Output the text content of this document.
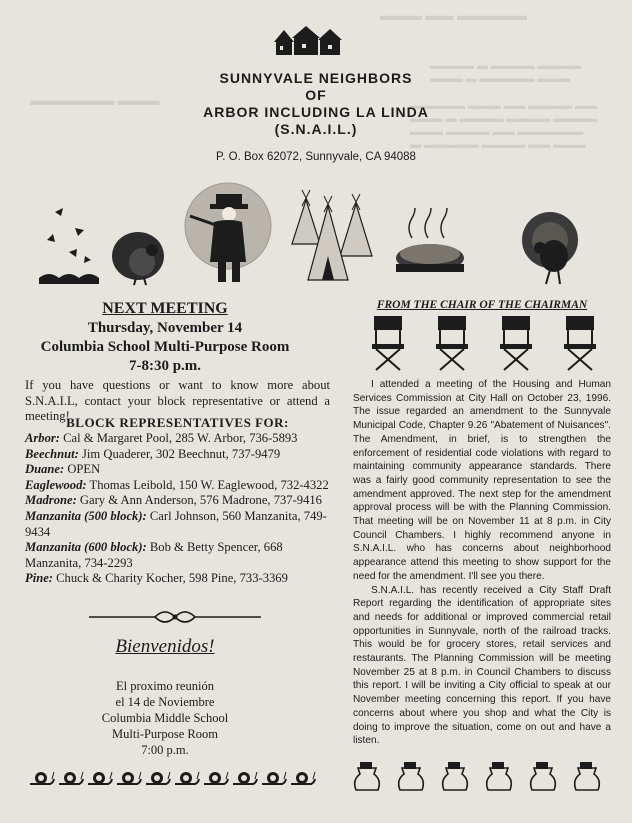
▬▬▬ ▬▬ ▬▬▬▬▬
▬▬▬▬ ▬ ▬▬▬▬ ▬▬▬▬
▬▬▬ ▬ ▬▬▬▬▬ ▬▬▬
▬▬▬▬▬▬ ▬▬▬	▬▬▬▬▬ ▬▬▬ ▬▬ ▬▬▬▬ ▬▬
▬▬▬ ▬ ▬▬▬▬ ▬▬▬▬ ▬▬▬▬
▬▬▬ ▬▬▬▬ ▬▬ ▬▬▬▬▬▬
▬ ▬▬▬▬▬ ▬▬▬▬ ▬▬ ▬▬▬
SUNNYVALE NEIGHBORS
OF
ARBOR INCLUDING LA LINDA
(S.N.A.I.L.)
P. O. Box 62072, Sunnyvale, CA 94088
NEXT MEETING
Thursday, November 14
Columbia School Multi-Purpose Room
7-8:30 p.m.

If you have questions or want to know more about S.N.A.I.L, contact your block representative or attend a meeting!

BLOCK REPRESENTATIVES FOR:

Arbor: Cal & Margaret Pool, 285 W. Arbor, 736-5893

Beechnut: Jim Quaderer, 302 Beechnut, 737-9479

Duane: OPEN

Eaglewood: Thomas Leibold, 150 W. Eaglewood, 732-4322

Madrone: Gary & Ann Anderson, 576 Madrone, 737-9416

Manzanita (500 block): Carl Johnson, 560 Manzanita, 749-9434

Manzanita (600 block): Bob & Betty Spencer, 668 Manzanita, 734-2293

Pine: Chuck & Charity Kocher, 598 Pine, 733-3369

Bienvenidos!
El proximo reunión
el 14 de Noviembre
Columbia Middle School
Multi-Purpose Room
7:00 p.m.
FROM THE CHAIR OF THE CHAIRMAN

I attended a meeting of the Housing and Human Services Commission at City Hall on October 23, 1996. The issue regarded an amendment to the Sunnyvale Municipal Code, Chapter 9.26 "Abatement of Nuisances". The Amendment, in brief, is to strengthen the enforcement of residential code violations with regard to maintaining community appearance standards. There was a fairly good community representation to see the amendment approved. The next step for the amendment approval process will be with the Planning Commission. That meeting will be on November 11 at 8 p.m. in City Council Chambers. I highly recommend anyone in S.N.A.I.L. who has concerns about neighborhood appearance attend this meeting to show support for the need for the amendment. I'll see you there.

S.N.A.I.L. has recently received a City Staff Draft Report regarding the identification of appropriate sites and needs for additional or improved commercial retail opportunities in Sunnyvale, north of the railroad tracks. This would be for grocery stores, retail services and restaurants. The Planning Commission will be meeting November 25 at 8 p.m. in Council Chambers to discuss this report. I will be inviting a City official to speak at our November meeting concerning this report. If you have concerns about where you shop and what the City is doing to improve the situation, come on out and have a listen.
